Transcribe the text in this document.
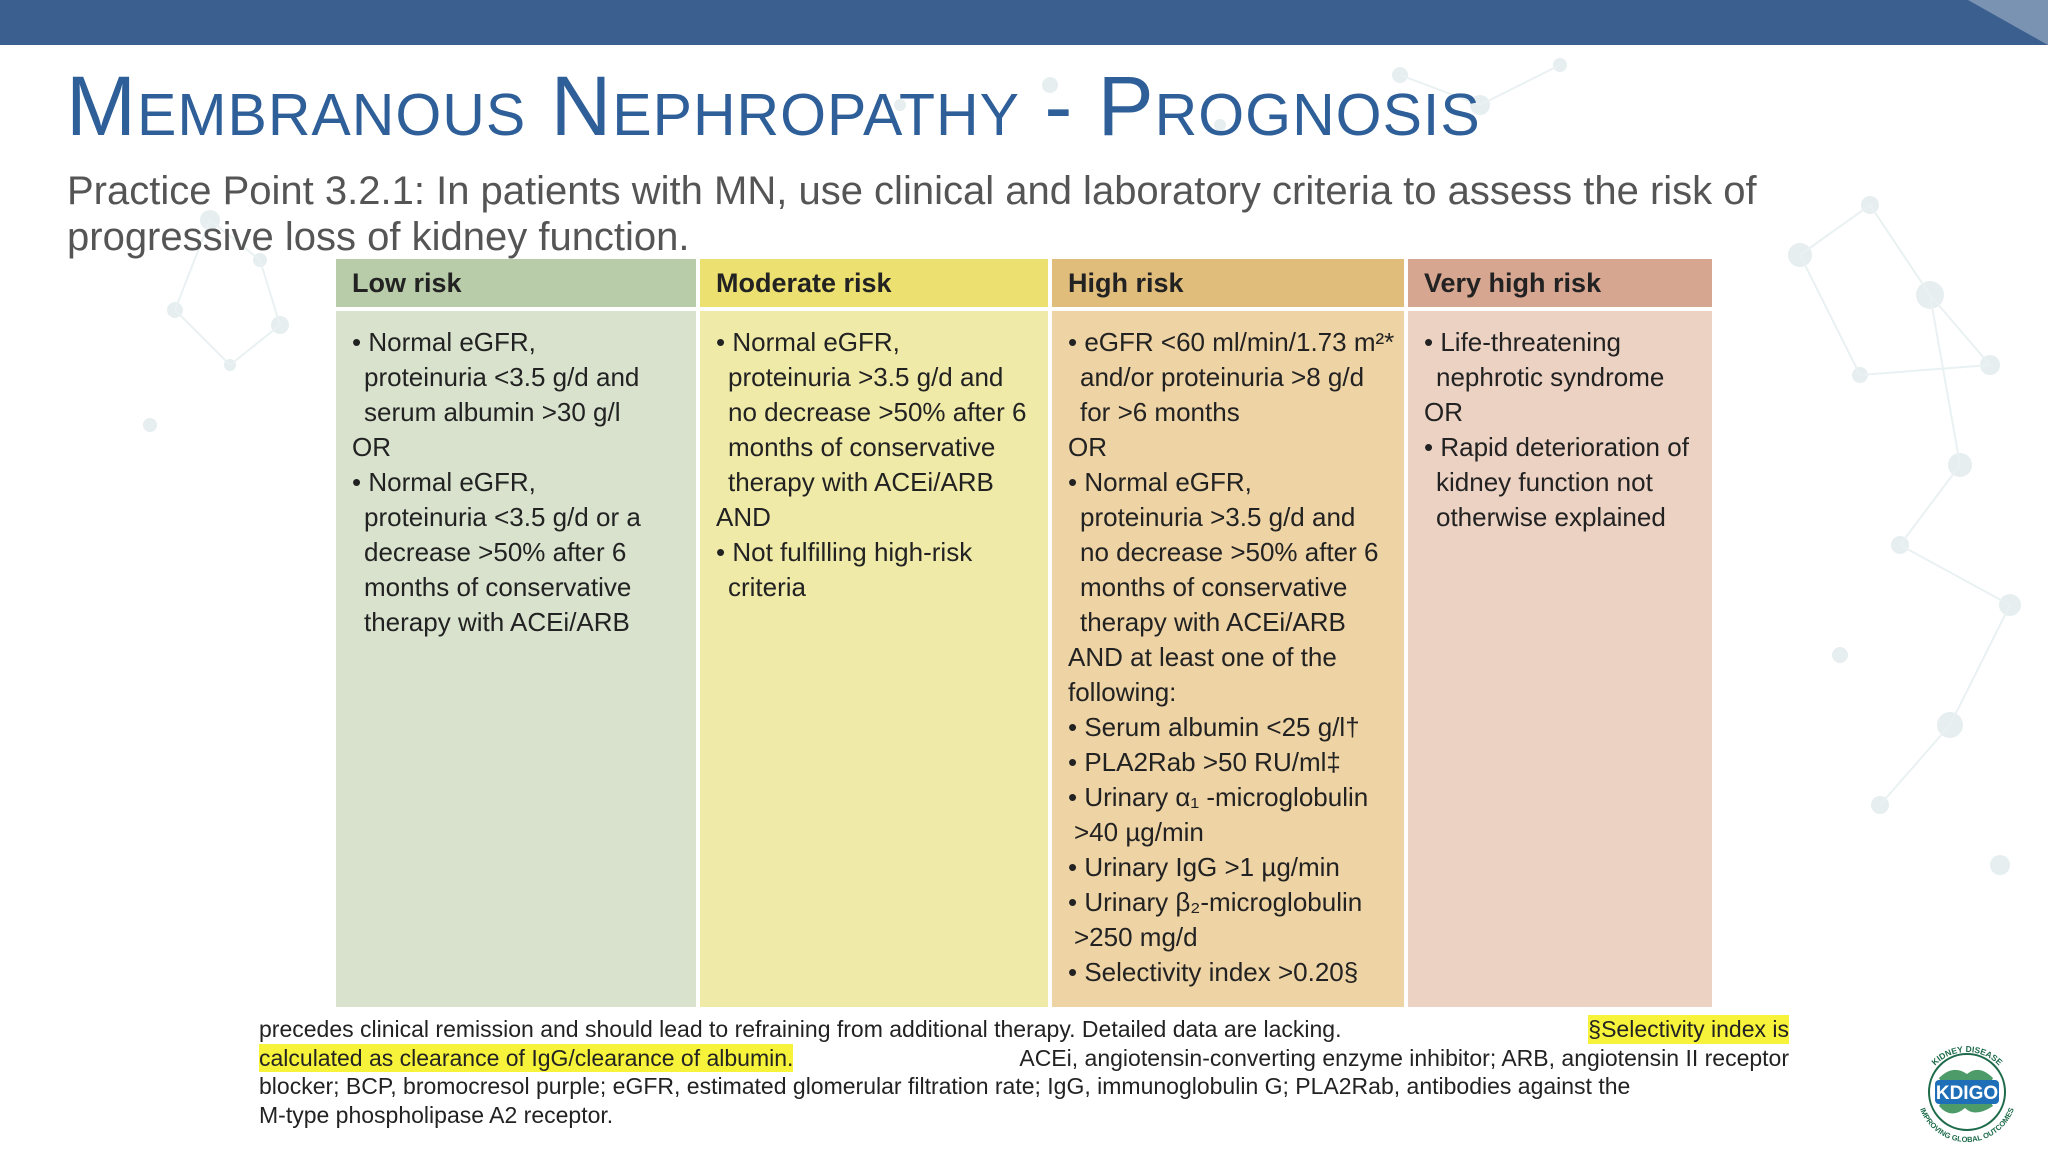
Membranous Nephropathy - Prognosis

Practice Point 3.2.1: In patients with MN, use clinical and laboratory criteria to assess the risk of progressive loss of kidney function.

Low risk
• Normal eGFR,
proteinuria <3.5 g/d and
serum albumin >30 g/l
OR
• Normal eGFR,
proteinuria <3.5 g/d or a
decrease >50% after 6
months of conservative
therapy with ACEi/ARB
Moderate risk
• Normal eGFR,
proteinuria >3.5 g/d and
no decrease >50% after 6
months of conservative
therapy with ACEi/ARB
AND
• Not fulfilling high-risk
criteria
High risk
• eGFR <60 ml/min/1.73 m²*
and/or proteinuria >8 g/d
for >6 months
OR
• Normal eGFR,
proteinuria >3.5 g/d and
no decrease >50% after 6
months of conservative
therapy with ACEi/ARB
AND at least one of the
following:
• Serum albumin <25 g/l†
• PLA2Rab >50 RU/ml‡
• Urinary α₁ -microglobulin
>40 µg/min
• Urinary IgG >1 µg/min
• Urinary β₂-microglobulin
>250 mg/d
• Selectivity index >0.20§
Very high risk
• Life-threatening
nephrotic syndrome
OR
• Rapid deterioration of
kidney function not
otherwise explained
precedes clinical remission and should lead to refraining from additional therapy. Detailed data are lacking.	§Selectivity index is
calculated as clearance of IgG/clearance of albumin.	ACEi, angiotensin-converting enzyme inhibitor; ARB, angiotensin II receptor
blocker; BCP, bromocresol purple; eGFR, estimated glomerular filtration rate; IgG, immunoglobulin G; PLA2Rab, antibodies against the
M-type phospholipase A2 receptor.
KDIGO
KIDNEY DISEASE
IMPROVING GLOBAL OUTCOMES
